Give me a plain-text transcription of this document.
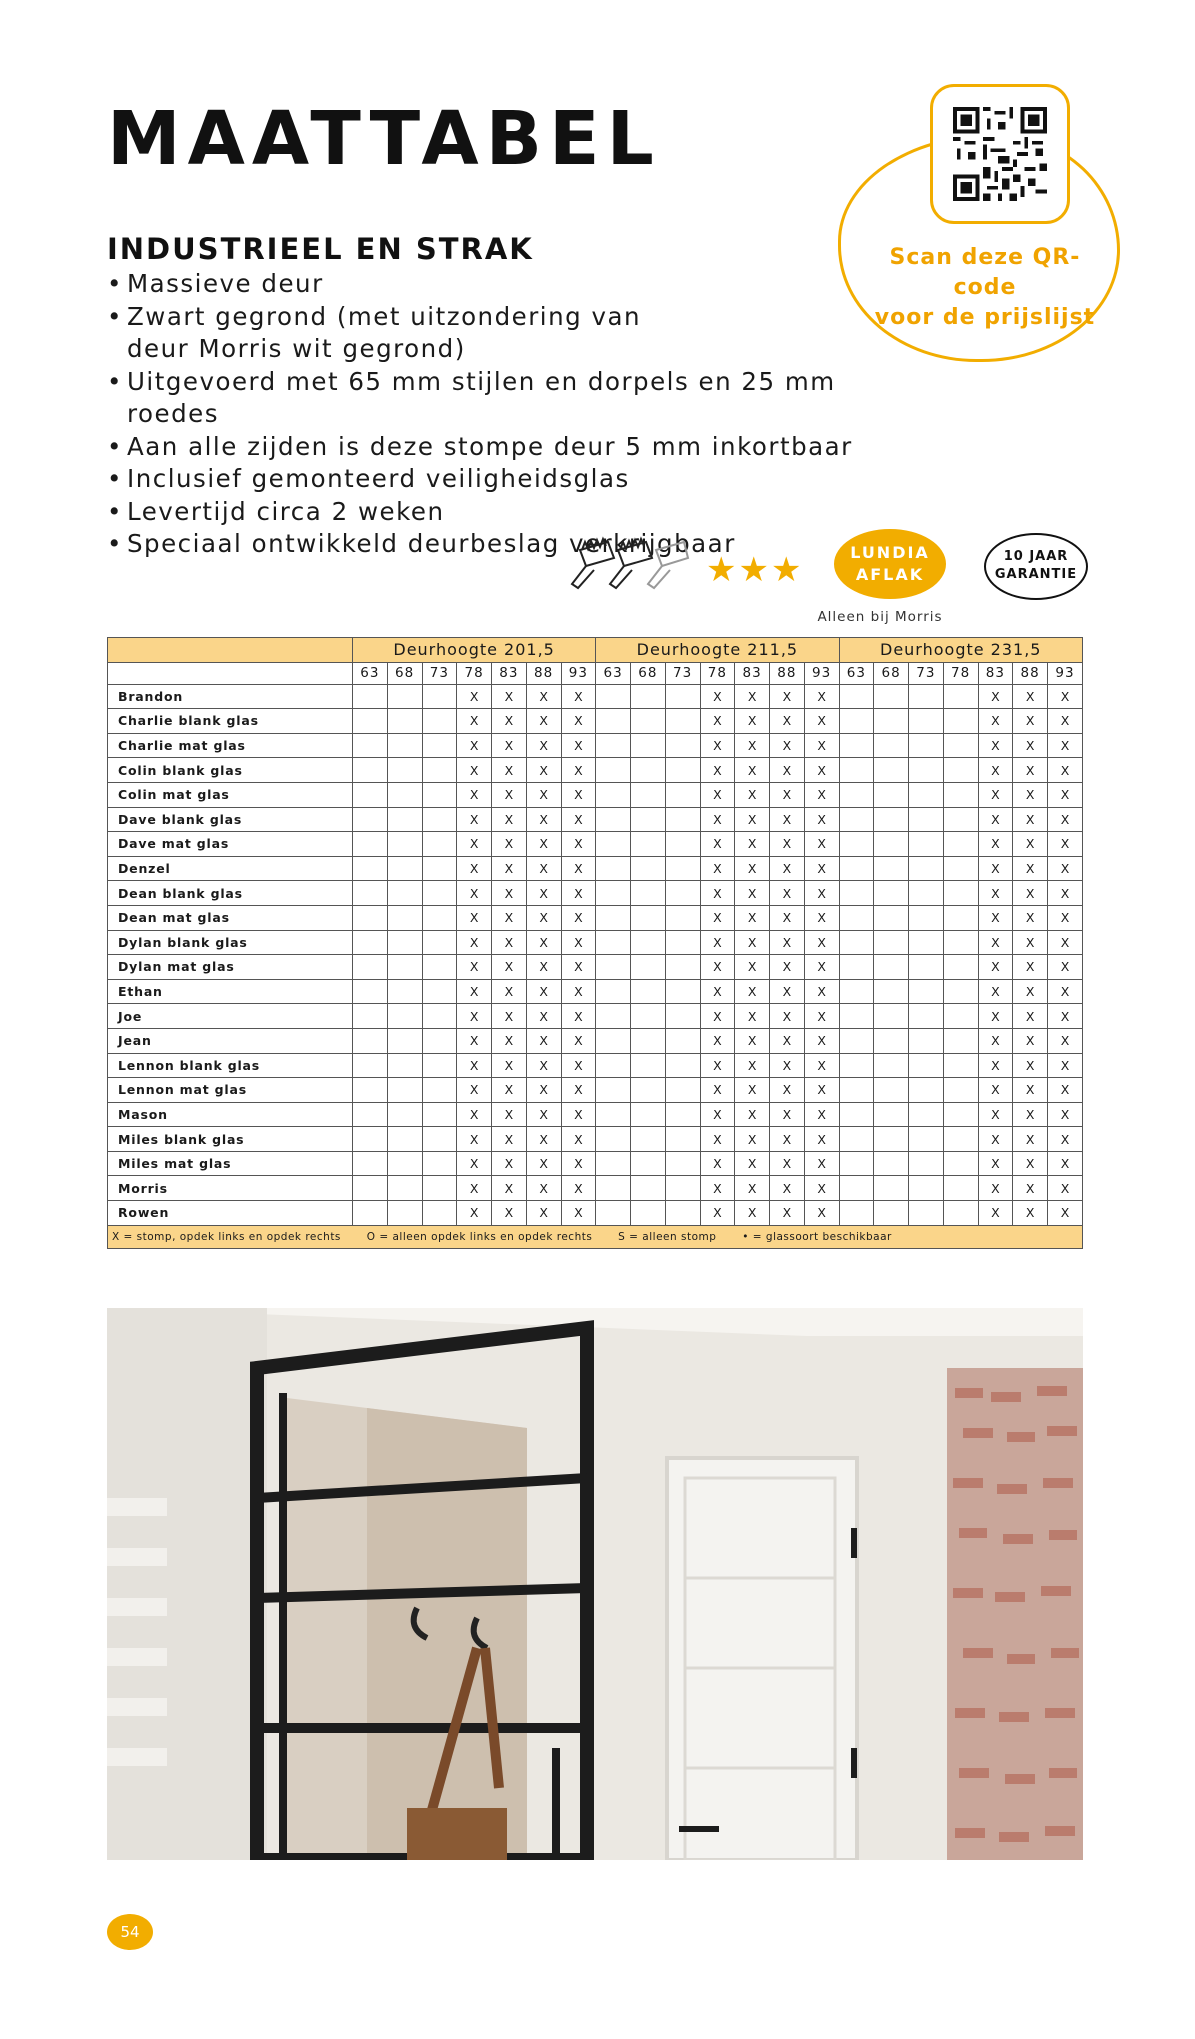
MAATTABEL
INDUSTRIEEL EN STRAK
• Massieve deur
• Zwart gegrond (met uitzondering van deur Morris wit gegrond)
• Uitgevoerd met 65 mm stijlen en dorpels en 25 mm roedes
• Aan alle zijden is deze stompe deur 5 mm inkortbaar
• Inclusief gemonteerd veiligheidsglas
• Levertijd circa 2 weken
• Speciaal ontwikkeld deurbeslag verkrijgbaar
Scan deze QR-code
voor de prijslijst
★★★	LUNDIA
AFLAK
10 JAAR
GARANTIE
Alleen bij Morris
	Deurhoogte 201,5							Deurhoogte 211,5							Deurhoogte 231,5						
	63	68	73	78	83	88	93	63	68	73	78	83	88	93	63	68	73	78	83	88	93
Brandon				X	X	X	X				X	X	X	X					X	X	X
Charlie blank glas				X	X	X	X				X	X	X	X					X	X	X
Charlie mat glas				X	X	X	X				X	X	X	X					X	X	X
Colin blank glas				X	X	X	X				X	X	X	X					X	X	X
Colin mat glas				X	X	X	X				X	X	X	X					X	X	X
Dave blank glas				X	X	X	X				X	X	X	X					X	X	X
Dave mat glas				X	X	X	X				X	X	X	X					X	X	X
Denzel				X	X	X	X				X	X	X	X					X	X	X
Dean blank glas				X	X	X	X				X	X	X	X					X	X	X
Dean mat glas				X	X	X	X				X	X	X	X					X	X	X
Dylan blank glas				X	X	X	X				X	X	X	X					X	X	X
Dylan mat glas				X	X	X	X				X	X	X	X					X	X	X
Ethan				X	X	X	X				X	X	X	X					X	X	X
Joe				X	X	X	X				X	X	X	X					X	X	X
Jean				X	X	X	X				X	X	X	X					X	X	X
Lennon blank glas				X	X	X	X				X	X	X	X					X	X	X
Lennon mat glas				X	X	X	X				X	X	X	X					X	X	X
Mason				X	X	X	X				X	X	X	X					X	X	X
Miles blank glas				X	X	X	X				X	X	X	X					X	X	X
Miles mat glas				X	X	X	X				X	X	X	X					X	X	X
Morris				X	X	X	X				X	X	X	X					X	X	X
Rowen				X	X	X	X				X	X	X	X					X	X	X
X = stomp, opdek links en opdek rechts O = alleen opdek links en opdek rechts S = alleen stomp • = glassoort beschikbaar																					
54
